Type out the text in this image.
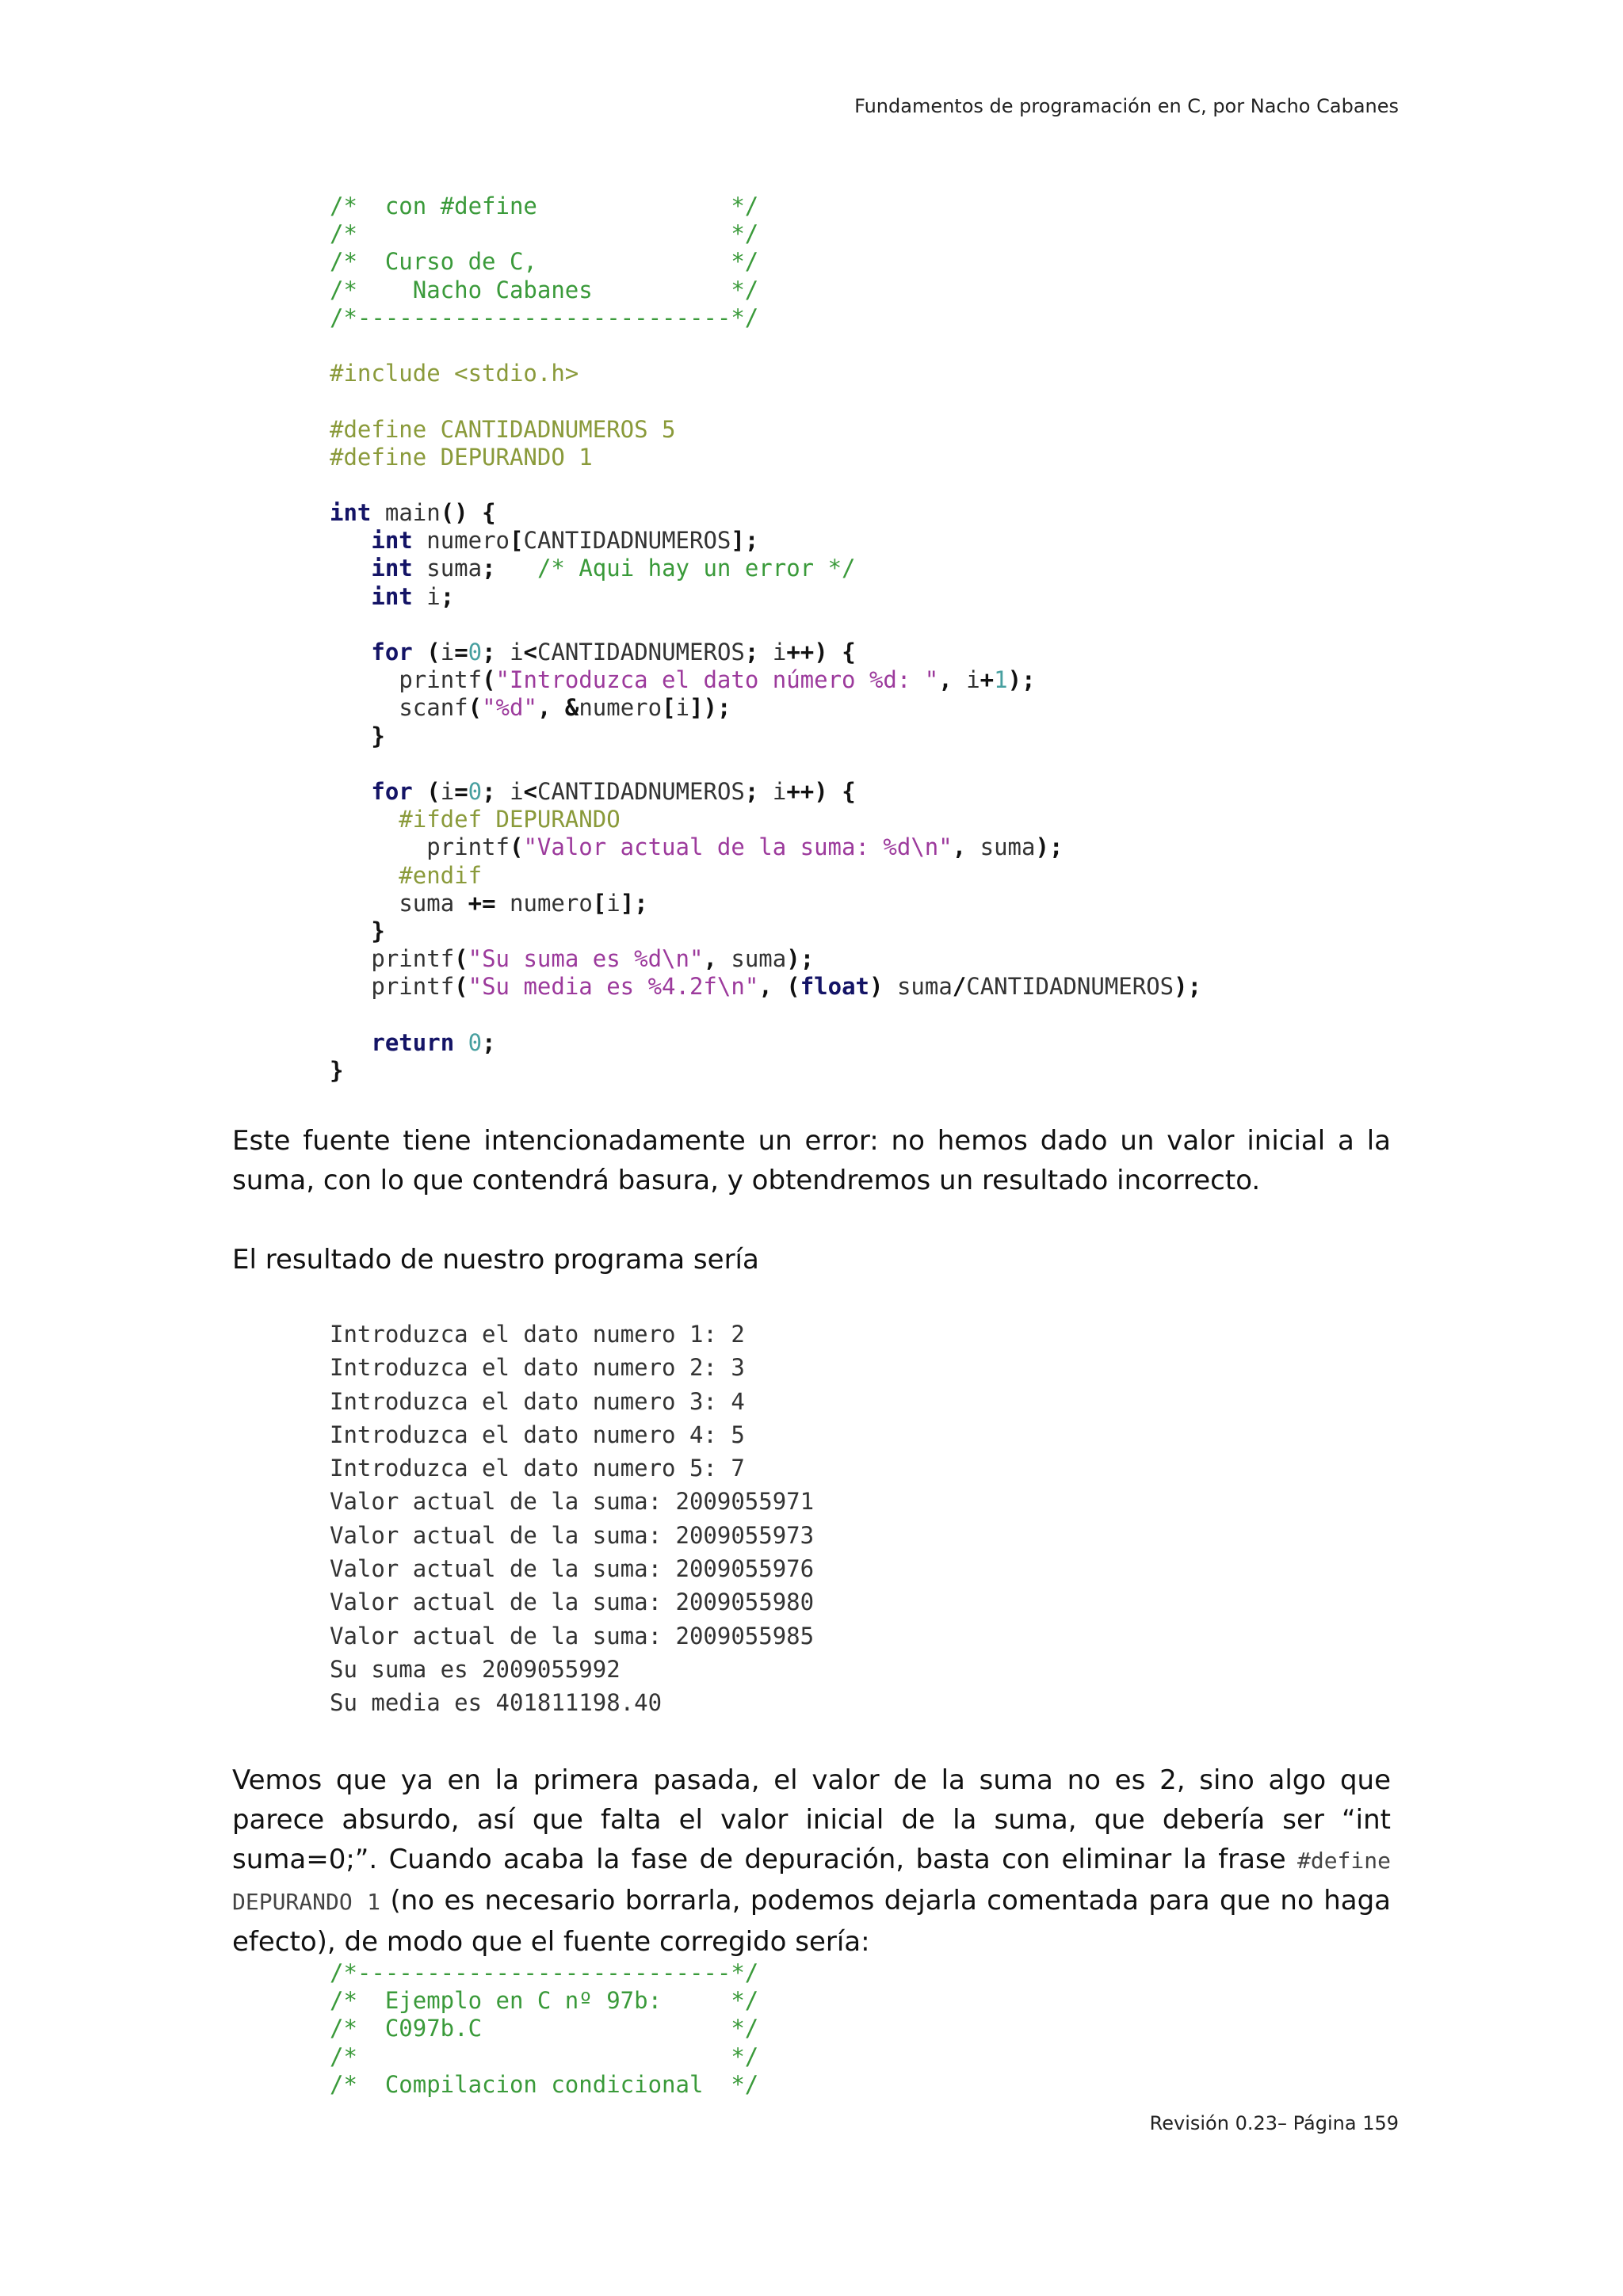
Fundamentos de programación en C, por Nacho Cabanes
/*  con #define              */
/*                           */
/*  Curso de C,              */
/*    Nacho Cabanes          */
/*---------------------------*/
#include <stdio.h>
#define CANTIDADNUMEROS 5
#define DEPURANDO 1
int main() {
int numero[CANTIDADNUMEROS];
int suma; /* Aqui hay un error */
int i;
for (i=0; i<CANTIDADNUMEROS; i++) {
printf("Introduzca el dato número %d: ", i+1);
scanf("%d", &numero[i]);
}
for (i=0; i<CANTIDADNUMEROS; i++) {
#ifdef DEPURANDO
printf("Valor actual de la suma: %d\n", suma);
#endif
suma += numero[i];
}
printf("Su suma es %d\n", suma);
printf("Su media es %4.2f\n", (float) suma/CANTIDADNUMEROS);
return 0;
}

Este fuente tiene intencionadamente un error: no hemos dado un valor inicial a la suma, con lo que contendrá basura, y obtendremos un resultado incorrecto.

El resultado de nuestro programa sería

Introduzca el dato numero 1: 2
Introduzca el dato numero 2: 3
Introduzca el dato numero 3: 4
Introduzca el dato numero 4: 5
Introduzca el dato numero 5: 7
Valor actual de la suma: 2009055971
Valor actual de la suma: 2009055973
Valor actual de la suma: 2009055976
Valor actual de la suma: 2009055980
Valor actual de la suma: 2009055985
Su suma es 2009055992
Su media es 401811198.40

Vemos que ya en la primera pasada, el valor de la suma no es 2, sino algo que parece absurdo, así que falta el valor inicial de la suma, que debería ser “int suma=0;”. Cuando acaba la fase de depuración, basta con eliminar la frase #define DEPURANDO 1 (no es necesario borrarla, podemos dejarla comentada para que no haga efecto), de modo que el fuente corregido sería:

/*---------------------------*/
/*  Ejemplo en C nº 97b:     */
/*  C097b.C                  */
/*                           */
/*  Compilacion condicional  */
Revisión 0.23– Página 159
